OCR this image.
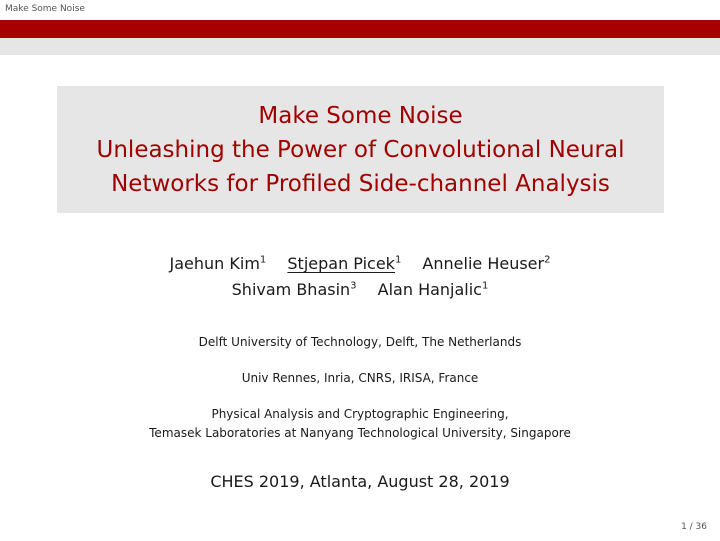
Make Some Noise
Make Some Noise
Unleashing the Power of Convolutional Neural
Networks for Profiled Side-channel Analysis
Jaehun Kim$^1$ Stjepan Picek$^1$ Annelie Heuser$^2$
Shivam Bhasin$^3$ Alan Hanjalic$^1$
Delft University of Technology, Delft, The Netherlands
Univ Rennes, Inria, CNRS, IRISA, France
Physical Analysis and Cryptographic Engineering,
Temasek Laboratories at Nanyang Technological University, Singapore
CHES 2019, Atlanta, August 28, 2019
1 / 36
